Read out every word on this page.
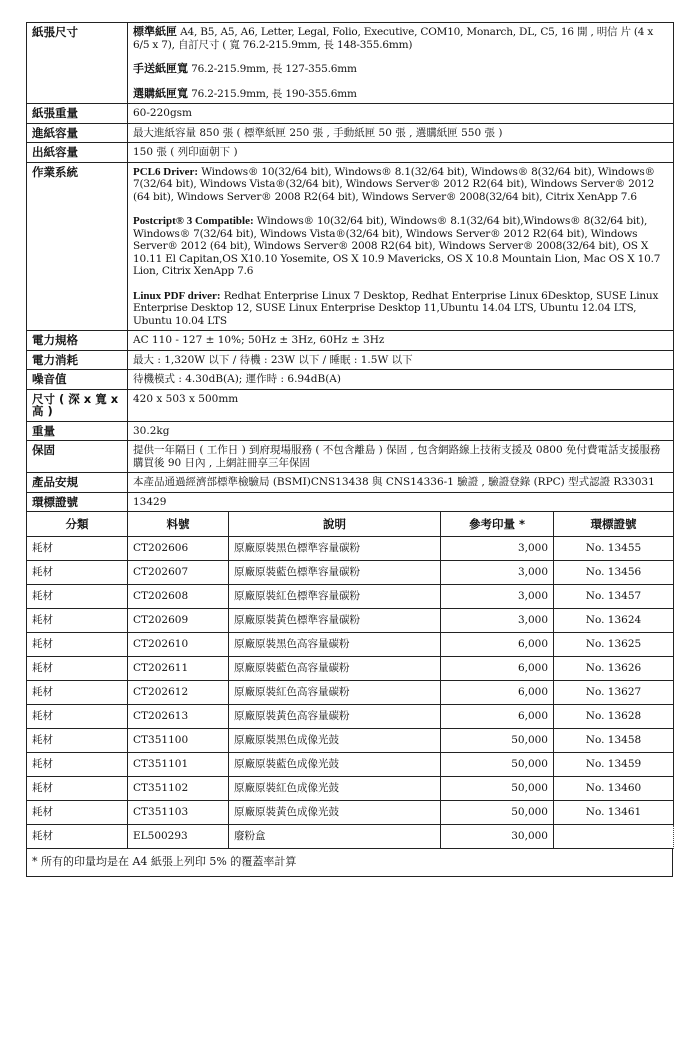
紙張尺寸	標準紙匣 A4, B5, A5, A6, Letter, Legal, Folio, Executive, COM10, Monarch, DL, C5, 16 開 , 明信 片 (4 x 6/5 x 7), 自訂尺寸 ( 寬 76.2-215.9mm, 長 148-355.6mm)
手送紙匣寬 76.2-215.9mm, 長 127-355.6mm
選購紙匣寬 76.2-215.9mm, 長 190-355.6mm

紙張重量	60-220gsm

進紙容量	最大進紙容量 850 張 ( 標準紙匣 250 張 , 手動紙匣 50 張 , 選購紙匣 550 張 )

出紙容量	150 張 ( 列印面朝下 )

作業系統	PCL6 Driver: Windows® 10(32/64 bit), Windows® 8.1(32/64 bit), Windows® 8(32/64 bit), Windows® 7(32/64 bit), Windows Vista®(32/64 bit), Windows Server® 2012 R2(64 bit), Windows Server® 2012 (64 bit), Windows Server® 2008 R2(64 bit), Windows Server® 2008(32/64 bit), Citrix XenApp 7.6
Postcript® 3 Compatible: Windows® 10(32/64 bit), Windows® 8.1(32/64 bit),Windows® 8(32/64 bit), Windows® 7(32/64 bit), Windows Vista®(32/64 bit), Windows Server® 2012 R2(64 bit), Windows Server® 2012 (64 bit), Windows Server® 2008 R2(64 bit), Windows Server® 2008(32/64 bit), OS X 10.11 El Capitan,OS X10.10 Yosemite, OS X 10.9 Mavericks, OS X 10.8 Mountain Lion, Mac OS X 10.7 Lion, Citrix XenApp 7.6
Linux PDF driver: Redhat Enterprise Linux 7 Desktop, Redhat Enterprise Linux 6Desktop, SUSE Linux Enterprise Desktop 12, SUSE Linux Enterprise Desktop 11,Ubuntu 14.04 LTS, Ubuntu 12.04 LTS, Ubuntu 10.04 LTS

電力規格	AC 110 - 127 ± 10%; 50Hz ± 3Hz, 60Hz ± 3Hz

電力消耗	最大 : 1,320W 以下 / 待機 : 23W 以下 / 睡眠 : 1.5W 以下

噪音值	待機模式 : 4.30dB(A); 運作時 : 6.94dB(A)

尺寸 ( 深 x 寬 x 高 )	420 x 503 x 500mm

重量	30.2kg

保固	提供一年隔日 ( 工作日 ) 到府現場服務 ( 不包含離島 ) 保固 , 包含網路線上技術支援及 0800 免付費電話支援服務 購買後 90 日內 , 上網註冊享三年保固

產品安規	本產品通過經濟部標準檢驗局 (BSMI)CNS13438 與 CNS14336-1 驗證 , 驗證登錄 (RPC) 型式認證 R33031

環標證號	13429
分類	料號	說明	參考印量 *	環標證號
耗材	CT202606	原廠原裝黑色標準容量碳粉	3,000	No. 13455
耗材	CT202607	原廠原裝藍色標準容量碳粉	3,000	No. 13456
耗材	CT202608	原廠原裝紅色標準容量碳粉	3,000	No. 13457
耗材	CT202609	原廠原裝黃色標準容量碳粉	3,000	No. 13624
耗材	CT202610	原廠原裝黑色高容量碳粉	6,000	No. 13625
耗材	CT202611	原廠原裝藍色高容量碳粉	6,000	No. 13626
耗材	CT202612	原廠原裝紅色高容量碳粉	6,000	No. 13627
耗材	CT202613	原廠原裝黃色高容量碳粉	6,000	No. 13628
耗材	CT351100	原廠原裝黑色成像光鼓	50,000	No. 13458
耗材	CT351101	原廠原裝藍色成像光鼓	50,000	No. 13459
耗材	CT351102	原廠原裝紅色成像光鼓	50,000	No. 13460
耗材	CT351103	原廠原裝黃色成像光鼓	50,000	No. 13461
耗材	EL500293	廢粉盒	30,000	
* 所有的印量均是在 A4 紙張上列印 5% 的覆蓋率計算
